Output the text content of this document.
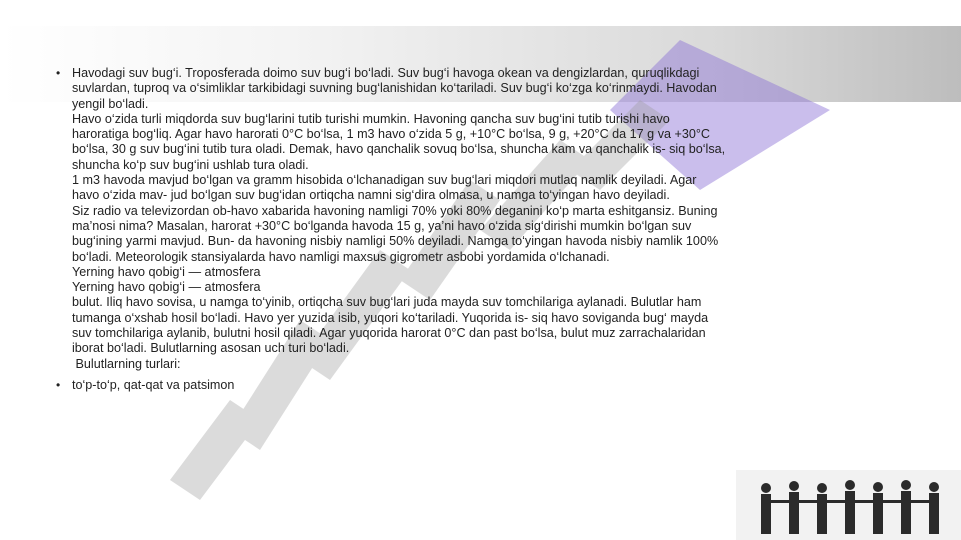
• Havodagi suv bug‘i. Troposferada doimo suv bug‘i bo‘ladi. Suv bug‘i havoga okean va dengizlardan, quruqlikdagi
suvlardan, tuproq va o‘simliklar tarkibidagi suvning bug‘lanishidan ko‘tariladi. Suv bug‘i ko‘zga ko‘rinmaydi. Havodan
yengil bo‘ladi.
Havo o‘zida turli miqdorda suv bug‘larini tutib turishi mumkin. Havoning qancha suv bug‘ini tutib turishi havo
haroratiga bog‘liq. Agar havo harorati 0°C bo‘lsa, 1 m3 havo o‘zida 5 g, +10°C bo‘lsa, 9 g, +20°C da 17 g va +30°C
bo‘lsa, 30 g suv bug‘ini tutib tura oladi. Demak, havo qanchalik sovuq bo‘lsa, shuncha kam va qanchalik is- siq bo‘lsa,
shuncha ko‘p suv bug‘ini ushlab tura oladi.
1 m3 havoda mavjud bo‘lgan va gramm hisobida o‘lchanadigan suv bug‘lari miqdori mutlaq namlik deyiladi. Agar
havo o‘zida mav- jud bo‘lgan suv bug‘idan ortiqcha namni sig‘dira olmasa, u namga to‘yingan havo deyiladi.
Siz radio va televizordan ob-havo xabarida havoning namligi 70% yoki 80% deganini ko‘p marta eshitgansiz. Buning
ma’nosi nima? Masalan, harorat +30°C bo‘lganda havoda 15 g, ya’ni havo o‘zida sig‘dirishi mumkin bo‘lgan suv
bug‘ining yarmi mavjud. Bun- da havoning nisbiy namligi 50% deyiladi. Namga to‘yingan havoda nisbiy namlik 100%
bo‘ladi. Meteorologik stansiyalarda havo namligi maxsus gigrometr asbobi yordamida o‘lchanadi.
Yerning havo qobig‘i — atmosfera
Yerning havo qobig‘i — atmosfera
bulut. Iliq havo sovisa, u namga to‘yinib, ortiqcha suv bug‘lari juda mayda suv tomchilariga aylanadi. Bulutlar ham
tumanga o‘xshab hosil bo‘ladi. Havo yer yuzida isib, yuqori ko‘tariladi. Yuqorida is- siq havo soviganda bug‘ mayda
suv tomchilariga aylanib, bulutni hosil qiladi. Agar yuqorida harorat 0°C dan past bo‘lsa, bulut muz zarrachalaridan
iborat bo‘ladi. Bulutlarning asosan uch turi bo‘ladi.
Bulutlarning turlari:
• to‘p-to‘p, qat-qat va patsimon
